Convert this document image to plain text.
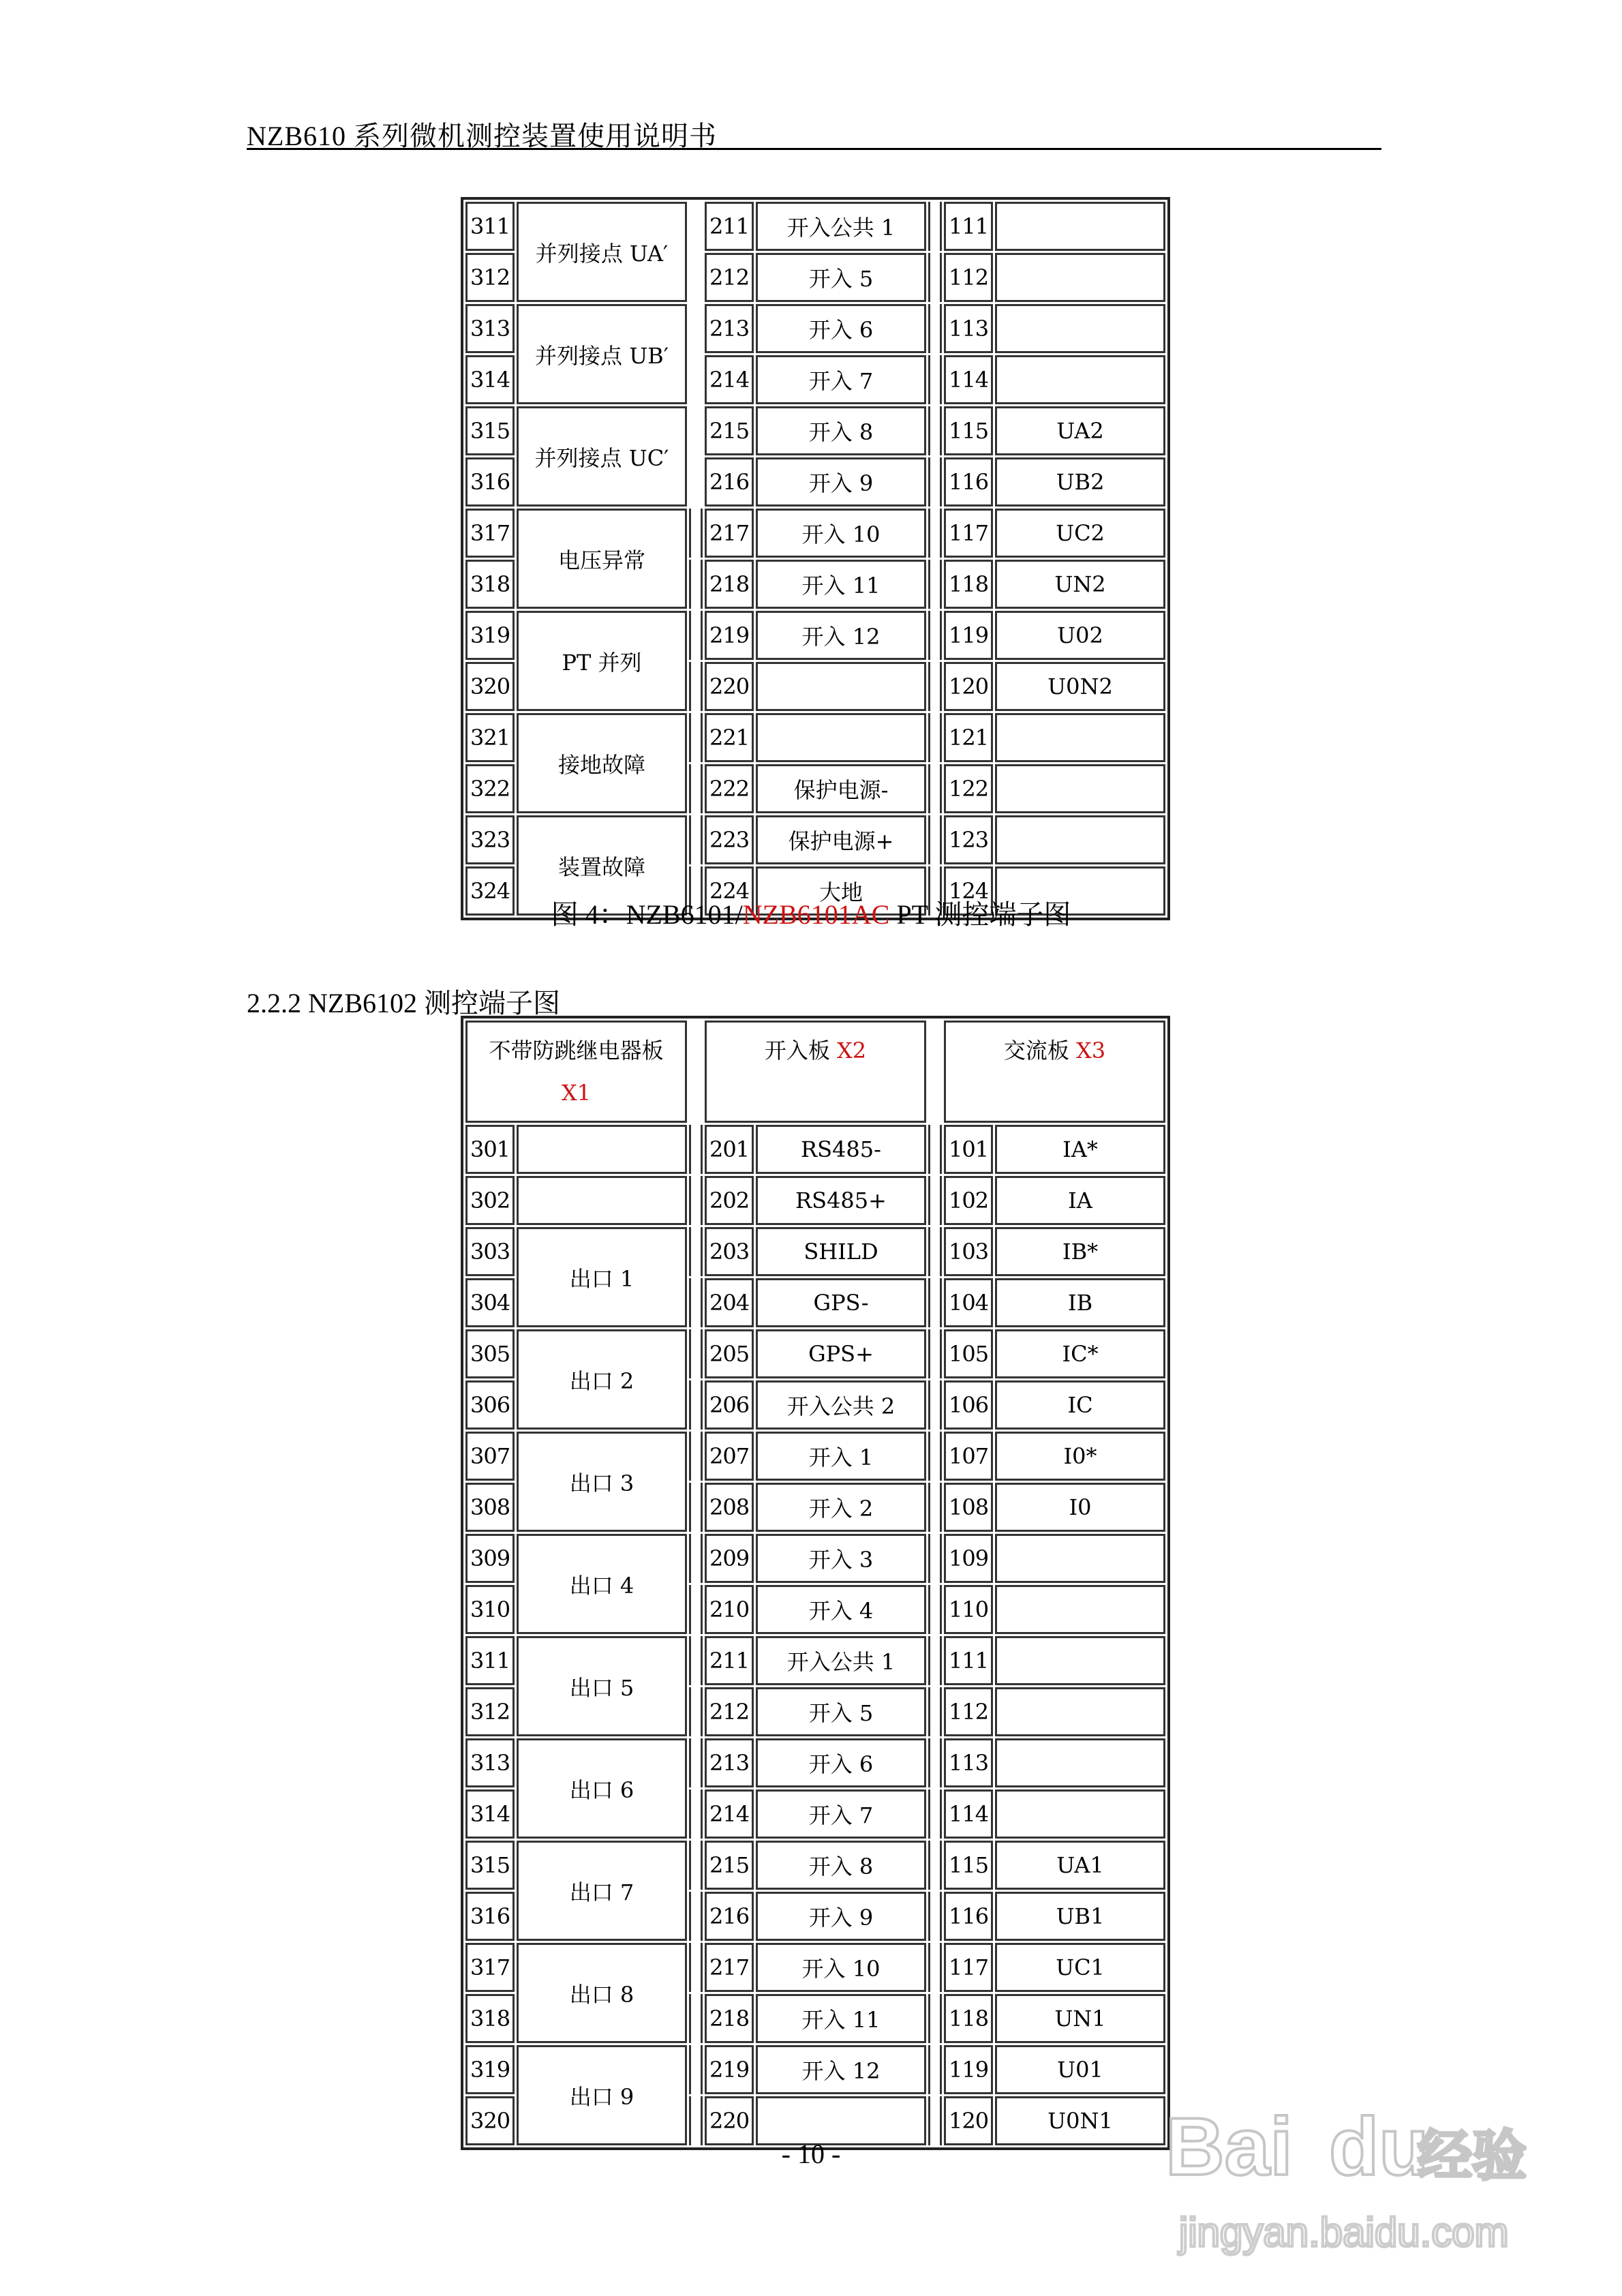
NZB610 系列微机测控装置使用说明书
311	并列接点 UA′		211	开入公共 1		111	
312			212	开入 5		112	
313	并列接点 UB′		213	开入 6		113	
314			214	开入 7		114	
315	并列接点 UC′		215	开入 8		115	UA2
316			216	开入 9		116	UB2
317	电压异常		217	开入 10		117	UC2
318			218	开入 11		118	UN2
319	PT 并列		219	开入 12		119	U02
320			220			120	U0N2
321	接地故障		221			121	
322			222	保护电源-		122	
323	装置故障		223	保护电源+		123	
324			224	大地		124	
图 4：NZB6101/NZB6101AC PT 测控端子图
2.2.2 NZB6102 测控端子图
不带防跳继电器板
X1			开入板 X2			交流板 X3	
301			201	RS485-		101	IA*
302			202	RS485+		102	IA
303	出口 1		203	SHILD		103	IB*
304			204	GPS-		104	IB
305	出口 2		205	GPS+		105	IC*
306			206	开入公共 2		106	IC
307	出口 3		207	开入 1		107	I0*
308			208	开入 2		108	I0
309	出口 4		209	开入 3		109	
310			210	开入 4		110	
311	出口 5		211	开入公共 1		111	
312			212	开入 5		112	
313	出口 6		213	开入 6		113	
314			214	开入 7		114	
315	出口 7		215	开入 8		115	UA1
316			216	开入 9		116	UB1
317	出口 8		217	开入 10		117	UC1
318			218	开入 11		118	UN1
319	出口 9		219	开入 12		119	U01
320			220			120	U0N1
- 10 -	Bai du
经验
jingyan.baidu.com
